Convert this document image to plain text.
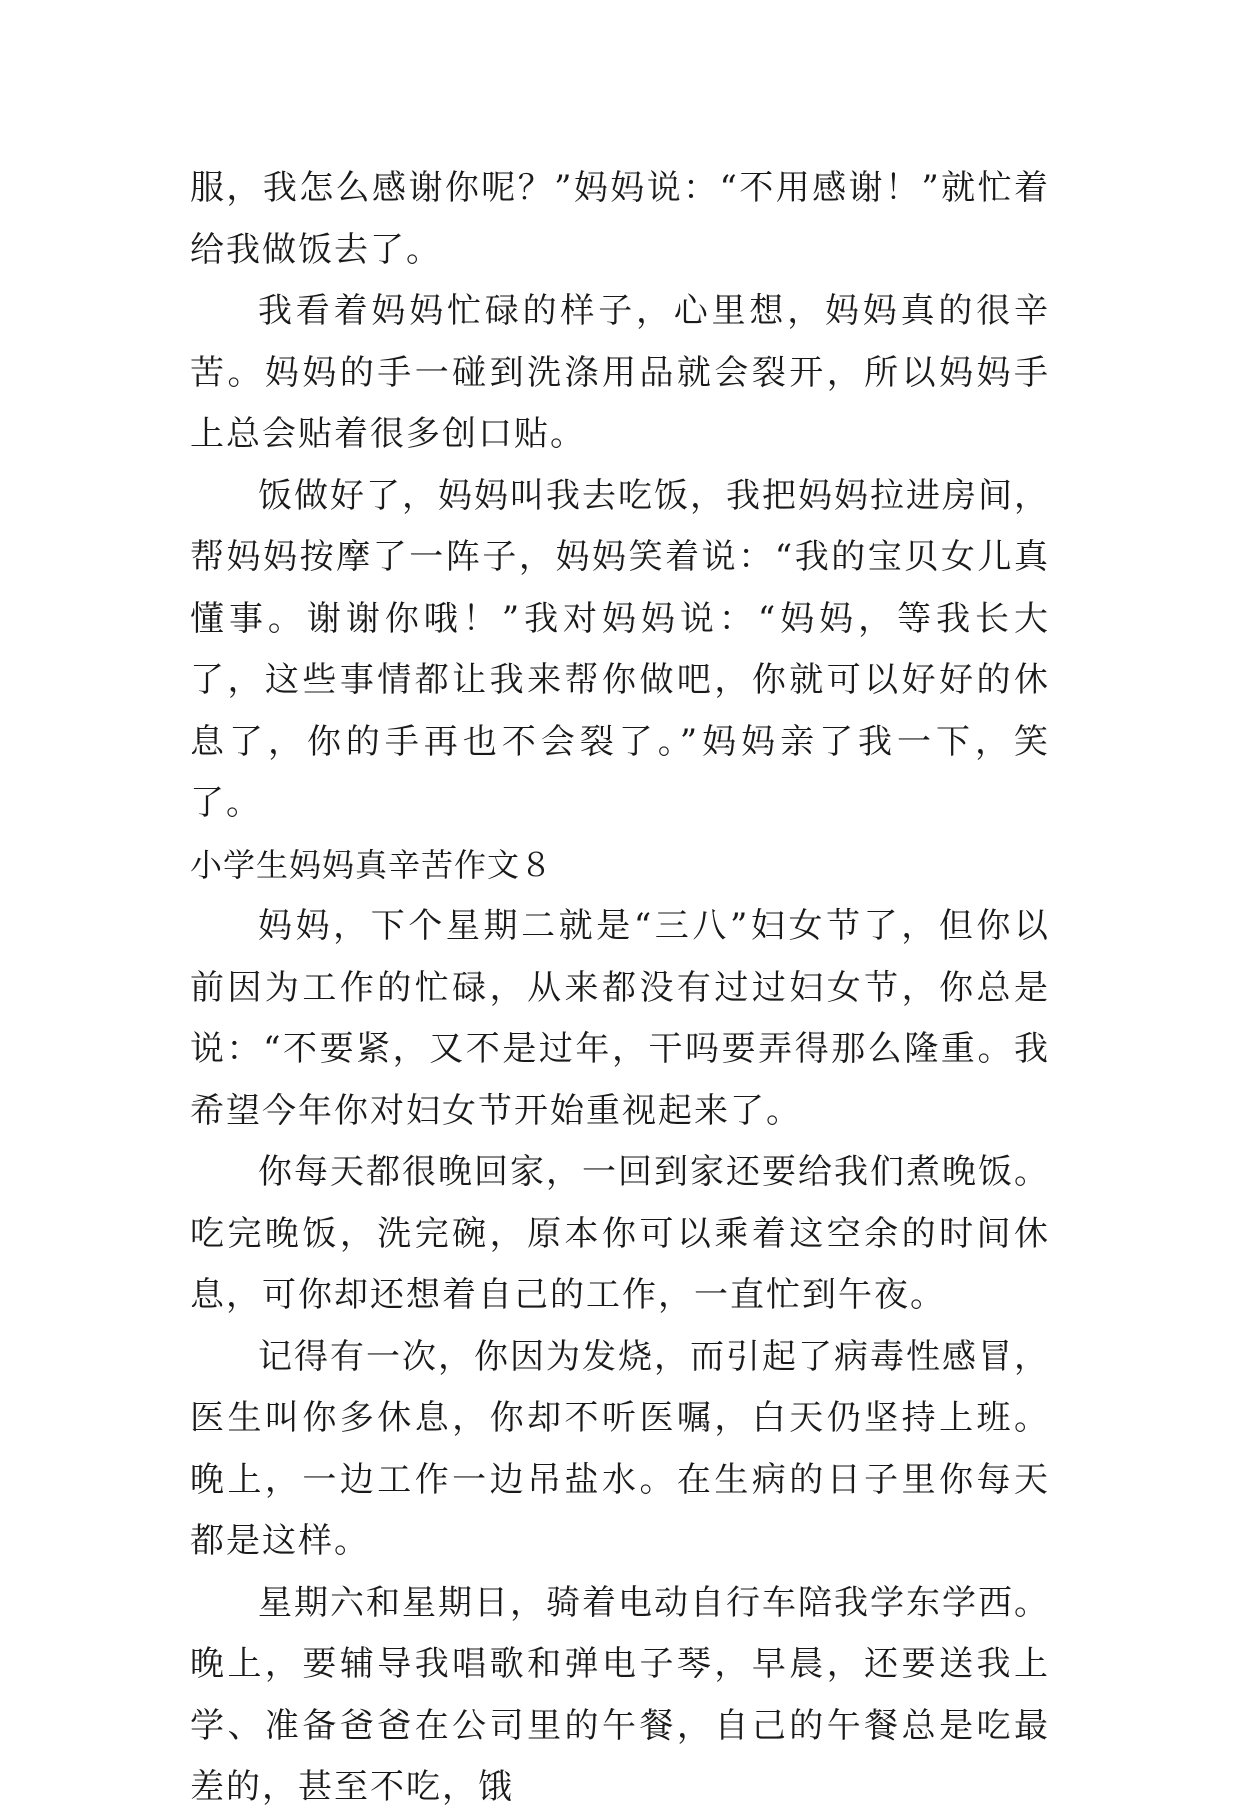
服，我怎么感谢你呢？”妈妈说：“不用感谢！”就忙着给我做饭去了。

我看着妈妈忙碌的样子，心里想，妈妈真的很辛苦。妈妈的手一碰到洗涤用品就会裂开，所以妈妈手上总会贴着很多创口贴。

饭做好了，妈妈叫我去吃饭，我把妈妈拉进房间，帮妈妈按摩了一阵子，妈妈笑着说：“我的宝贝女儿真懂事。谢谢你哦！”我对妈妈说：“妈妈，等我长大了，这些事情都让我来帮你做吧，你就可以好好的休息了，你的手再也不会裂了。”妈妈亲了我一下，笑了。

小学生妈妈真辛苦作文８

妈妈，下个星期二就是“三八”妇女节了，但你以前因为工作的忙碌，从来都没有过过妇女节，你总是说：“不要紧，又不是过年，干吗要弄得那么隆重。我希望今年你对妇女节开始重视起来了。

你每天都很晚回家，一回到家还要给我们煮晚饭。吃完晚饭，洗完碗，原本你可以乘着这空余的时间休息，可你却还想着自己的工作，一直忙到午夜。

记得有一次，你因为发烧，而引起了病毒性感冒，医生叫你多休息，你却不听医嘱，白天仍坚持上班。晚上，一边工作一边吊盐水。在生病的日子里你每天都是这样。

星期六和星期日，骑着电动自行车陪我学东学西。晚上，要辅导我唱歌和弹电子琴，早晨，还要送我上学、准备爸爸在公司里的午餐，自己的午餐总是吃最差的，甚至不吃，饿
